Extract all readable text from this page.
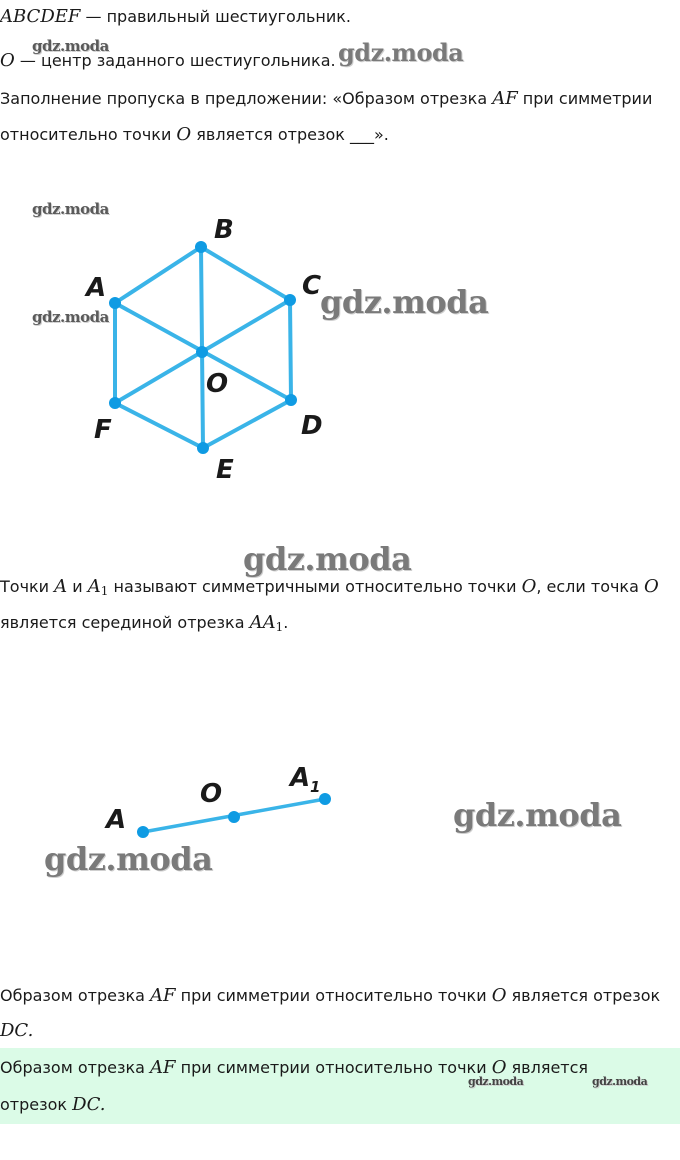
ABCDEF — правильный шестиугольник.
O — центр заданного шестиугольника.
Заполнение пропуска в предложении: «Образом отрезка AF при симметрии
относительно точки O является отрезок ___».
B
A	C
O
D
F
E
Точки A и $A_1$ называют симметричными относительно точки O, если точка O
является серединой отрезка $AA_1$.
A
O
A 1
Образом отрезка AF при симметрии относительно точки O является отрезок
DC.
Образом отрезка AF при симметрии относительно точки O является
отрезок DC.
gdz.moda	gdz.moda
gdz.moda
gdz.moda	gdz.moda
gdz.moda
gdz.moda
gdz.moda
gdz.moda	gdz.moda
